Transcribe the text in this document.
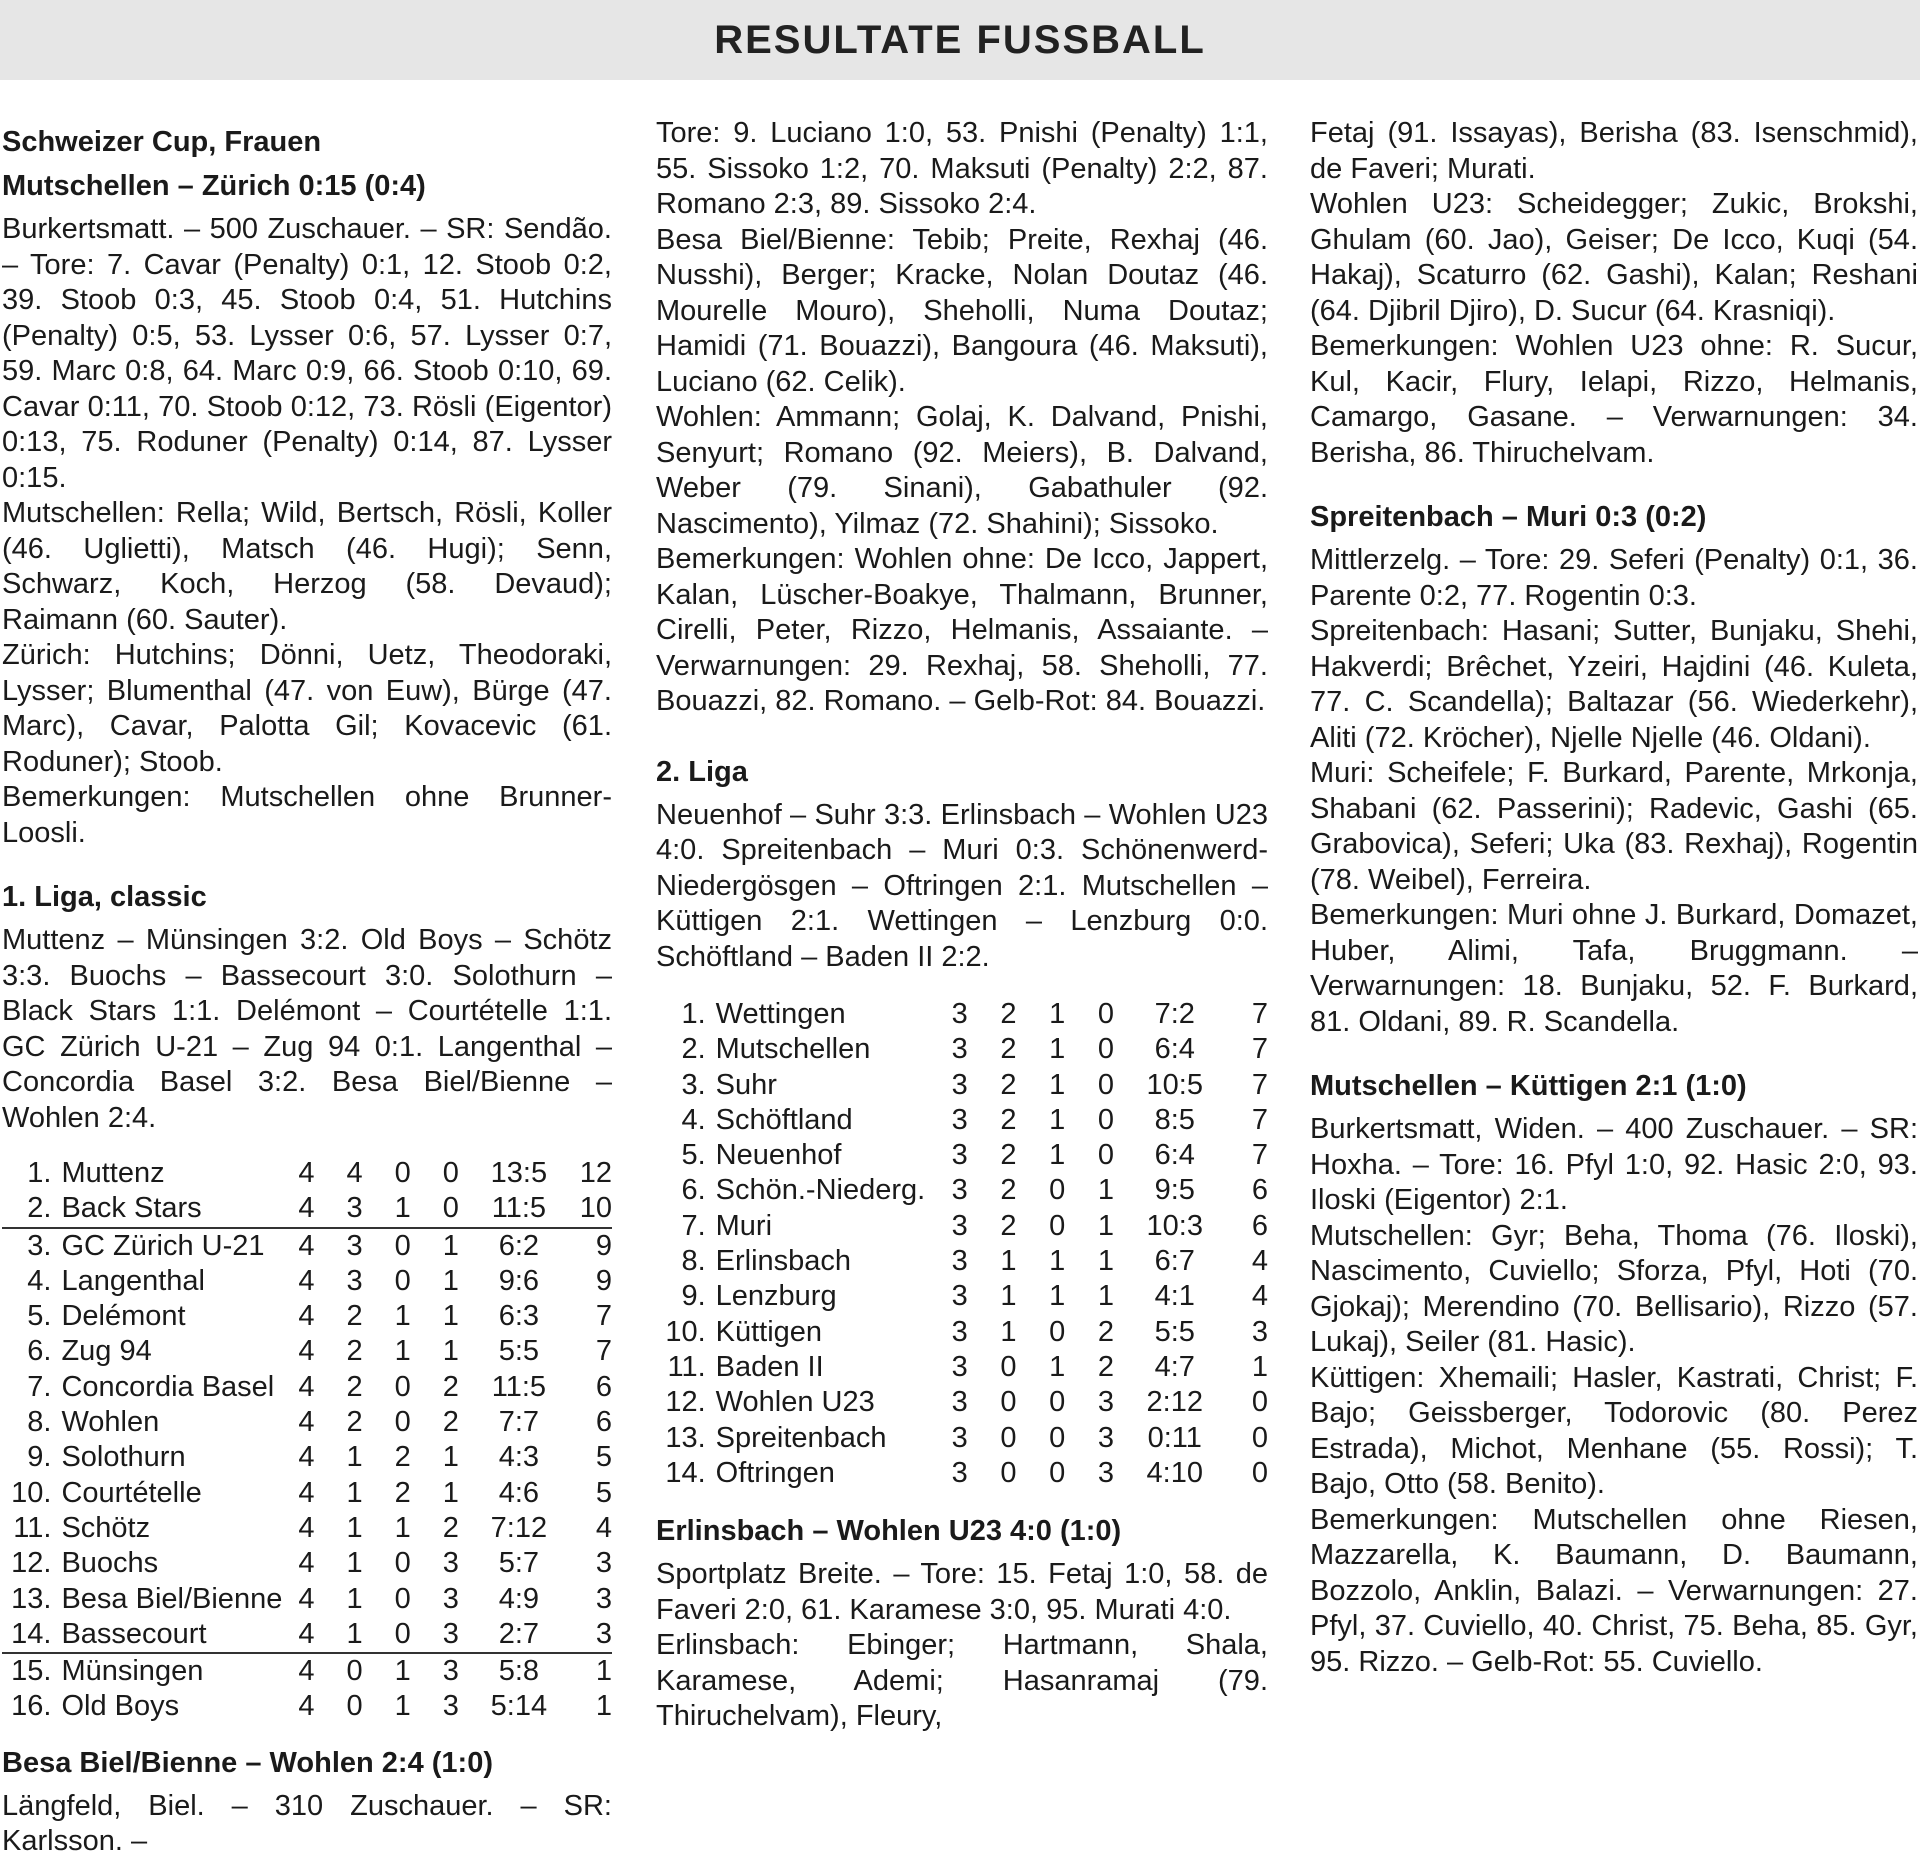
RESULTATE FUSSBALL
Schweizer Cup, Frauen
Mutschellen – Zürich 0:15 (0:4)

Burkertsmatt. – 500 Zuschauer. – SR: Sendão. – Tore: 7. Cavar (Penalty) 0:1, 12. Stoob 0:2, 39. Stoob 0:3, 45. Stoob 0:4, 51. Hutchins (Penalty) 0:5, 53. Lysser 0:6, 57. Lysser 0:7, 59. Marc 0:8, 64. Marc 0:9, 66. Stoob 0:10, 69. Cavar 0:11, 70. Stoob 0:12, 73. Rösli (Eigentor) 0:13, 75. Roduner (Penalty) 0:14, 87. Lysser 0:15.

Mutschellen: Rella; Wild, Bertsch, Rösli, Koller (46. Uglietti), Matsch (46. Hugi); Senn, Schwarz, Koch, Herzog (58. Devaud); Raimann (60. Sauter).

Zürich: Hutchins; Dönni, Uetz, Theodoraki, Lysser; Blumenthal (47. von Euw), Bürge (47. Marc), Cavar, Palotta Gil; Kovacevic (61. Roduner); Stoob.

Bemerkungen: Mutschellen ohne Brunner-Loosli.

1. Liga, classic

Muttenz – Münsingen 3:2. Old Boys – Schötz 3:3. Buochs – Bassecourt 3:0. Solothurn – Black Stars 1:1. Delémont – Courtételle 1:1. GC Zürich U-21 – Zug 94 0:1. Langenthal – Concordia Basel 3:2. Besa Biel/Bienne – Wohlen 2:4.

1.	Muttenz	4	4	0	0	13:5	12
2.	Back Stars	4	3	1	0	11:5	10
3.	GC Zürich U-21	4	3	0	1	6:2	9
4.	Langenthal	4	3	0	1	9:6	9
5.	Delémont	4	2	1	1	6:3	7
6.	Zug 94	4	2	1	1	5:5	7
7.	Concordia Basel	4	2	0	2	11:5	6
8.	Wohlen	4	2	0	2	7:7	6
9.	Solothurn	4	1	2	1	4:3	5
10.	Courtételle	4	1	2	1	4:6	5
11.	Schötz	4	1	1	2	7:12	4
12.	Buochs	4	1	0	3	5:7	3
13.	Besa Biel/Bienne	4	1	0	3	4:9	3
14.	Bassecourt	4	1	0	3	2:7	3
15.	Münsingen	4	0	1	3	5:8	1
16.	Old Boys	4	0	1	3	5:14	1
Besa Biel/Bienne – Wohlen 2:4 (1:0)

Längfeld, Biel. – 310 Zuschauer. – SR: Karlsson. –

Tore: 9. Luciano 1:0, 53. Pnishi (Penalty) 1:1, 55. Sissoko 1:2, 70. Maksuti (Penalty) 2:2, 87. Romano 2:3, 89. Sissoko 2:4.

Besa Biel/Bienne: Tebib; Preite, Rexhaj (46. Nusshi), Berger; Kracke, Nolan Doutaz (46. Mourelle Mouro), Sheholli, Numa Doutaz; Hamidi (71. Bouazzi), Bangoura (46. Maksuti), Luciano (62. Celik).

Wohlen: Ammann; Golaj, K. Dalvand, Pnishi, Senyurt; Romano (92. Meiers), B. Dalvand, Weber (79. Sinani), Gabathuler (92. Nascimento), Yilmaz (72. Shahini); Sissoko.

Bemerkungen: Wohlen ohne: De Icco, Jappert, Kalan, Lüscher-Boakye, Thalmann, Brunner, Cirelli, Peter, Rizzo, Helmanis, Assaiante. – Verwarnungen: 29. Rexhaj, 58. Sheholli, 77. Bouazzi, 82. Romano. – Gelb-Rot: 84. Bouazzi.

2. Liga

Neuenhof – Suhr 3:3. Erlinsbach – Wohlen U23 4:0. Spreitenbach – Muri 0:3. Schönenwerd-Niedergösgen – Oftringen 2:1. Mutschellen – Küttigen 2:1. Wettingen – Lenzburg 0:0. Schöftland – Baden II 2:2.

1.	Wettingen	3	2	1	0	7:2	7
2.	Mutschellen	3	2	1	0	6:4	7
3.	Suhr	3	2	1	0	10:5	7
4.	Schöftland	3	2	1	0	8:5	7
5.	Neuenhof	3	2	1	0	6:4	7
6.	Schön.-Niederg.	3	2	0	1	9:5	6
7.	Muri	3	2	0	1	10:3	6
8.	Erlinsbach	3	1	1	1	6:7	4
9.	Lenzburg	3	1	1	1	4:1	4
10.	Küttigen	3	1	0	2	5:5	3
11.	Baden II	3	0	1	2	4:7	1
12.	Wohlen U23	3	0	0	3	2:12	0
13.	Spreitenbach	3	0	0	3	0:11	0
14.	Oftringen	3	0	0	3	4:10	0
Erlinsbach – Wohlen U23 4:0 (1:0)

Sportplatz Breite. – Tore: 15. Fetaj 1:0, 58. de Faveri 2:0, 61. Karamese 3:0, 95. Murati 4:0.

Erlinsbach: Ebinger; Hartmann, Shala, Karamese, Ademi; Hasanramaj (79. Thiruchelvam), Fleury,

Fetaj (91. Issayas), Berisha (83. Isenschmid), de Faveri; Murati.

Wohlen U23: Scheidegger; Zukic, Brokshi, Ghulam (60. Jao), Geiser; De Icco, Kuqi (54. Hakaj), Scaturro (62. Gashi), Kalan; Reshani (64. Djibril Djiro), D. Sucur (64. Krasniqi).

Bemerkungen: Wohlen U23 ohne: R. Sucur, Kul, Kacir, Flury, Ielapi, Rizzo, Helmanis, Camargo, Gasane. – Verwarnungen: 34. Berisha, 86. Thiruchelvam.

Spreitenbach – Muri 0:3 (0:2)

Mittlerzelg. – Tore: 29. Seferi (Penalty) 0:1, 36. Parente 0:2, 77. Rogentin 0:3.

Spreitenbach: Hasani; Sutter, Bunjaku, Shehi, Hakverdi; Brêchet, Yzeiri, Hajdini (46. Kuleta, 77. C. Scandella); Baltazar (56. Wiederkehr), Aliti (72. Kröcher), Njelle Njelle (46. Oldani).

Muri: Scheifele; F. Burkard, Parente, Mrkonja, Shabani (62. Passerini); Radevic, Gashi (65. Grabovica), Seferi; Uka (83. Rexhaj), Rogentin (78. Weibel), Ferreira.

Bemerkungen: Muri ohne J. Burkard, Domazet, Huber, Alimi, Tafa, Bruggmann. – Verwarnungen: 18. Bunjaku, 52. F. Burkard, 81. Oldani, 89. R. Scandella.

Mutschellen – Küttigen 2:1 (1:0)

Burkertsmatt, Widen. – 400 Zuschauer. – SR: Hoxha. – Tore: 16. Pfyl 1:0, 92. Hasic 2:0, 93. Iloski (Eigentor) 2:1.

Mutschellen: Gyr; Beha, Thoma (76. Iloski), Nascimento, Cuviello; Sforza, Pfyl, Hoti (70. Gjokaj); Merendino (70. Bellisario), Rizzo (57. Lukaj), Seiler (81. Hasic).

Küttigen: Xhemaili; Hasler, Kastrati, Christ; F. Bajo; Geissberger, Todorovic (80. Perez Estrada), Michot, Menhane (55. Rossi); T. Bajo, Otto (58. Benito).

Bemerkungen: Mutschellen ohne Riesen, Mazzarella, K. Baumann, D. Baumann, Bozzolo, Anklin, Balazi. – Verwarnungen: 27. Pfyl, 37. Cuviello, 40. Christ, 75. Beha, 85. Gyr, 95. Rizzo. – Gelb-Rot: 55. Cuviello.
